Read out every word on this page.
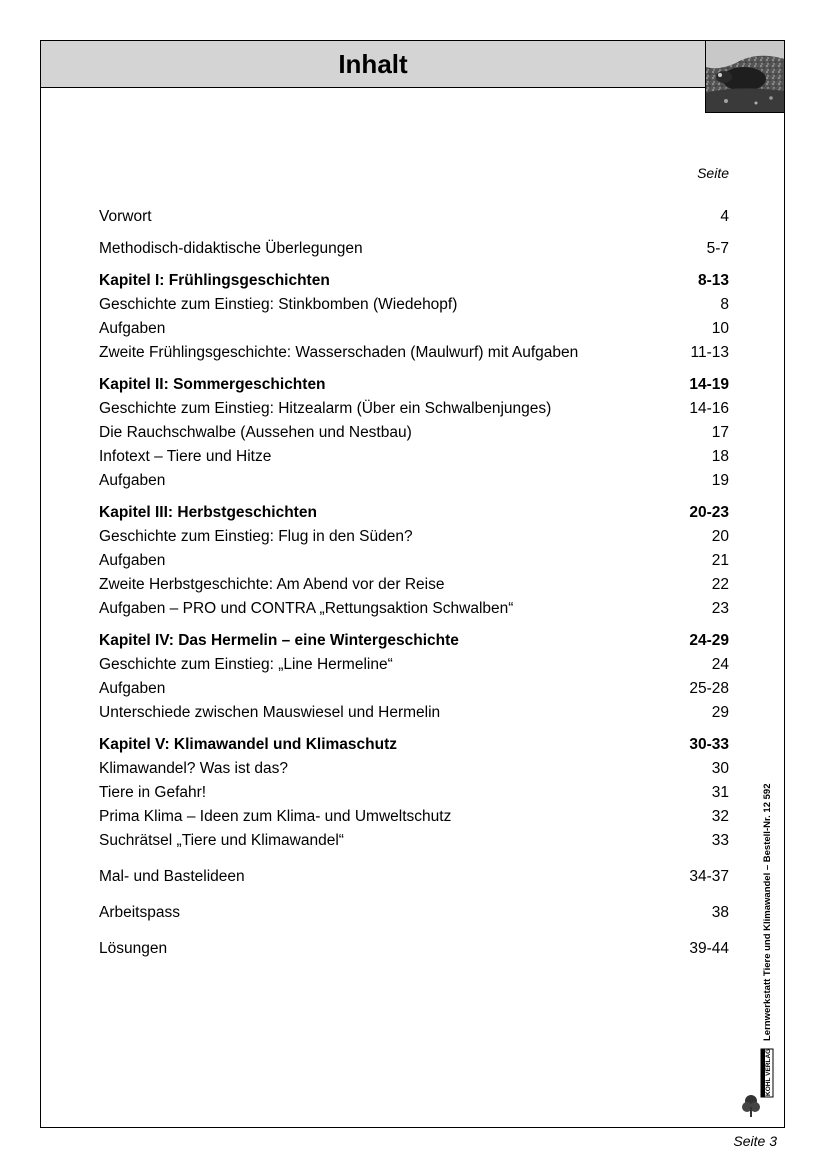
Inhalt
Seite
Vorwort	4
Methodisch-didaktische Überlegungen	5-7
Kapitel I: Frühlingsgeschichten	8-13
Geschichte zum Einstieg: Stinkbomben (Wiedehopf)	8
Aufgaben	10
Zweite Frühlingsgeschichte: Wasserschaden (Maulwurf) mit Aufgaben	11-13
Kapitel II: Sommergeschichten	14-19
Geschichte zum Einstieg: Hitzealarm (Über ein Schwalbenjunges)	14-16
Die Rauchschwalbe (Aussehen und Nestbau)	17
Infotext – Tiere und Hitze	18
Aufgaben	19
Kapitel III: Herbstgeschichten	20-23
Geschichte zum Einstieg: Flug in den Süden?	20
Aufgaben	21
Zweite Herbstgeschichte: Am Abend vor der Reise	22
Aufgaben – PRO und CONTRA „Rettungsaktion Schwalben“	23
Kapitel IV: Das Hermelin – eine Wintergeschichte	24-29
Geschichte zum Einstieg: „Line Hermeline“	24
Aufgaben	25-28
Unterschiede zwischen Mauswiesel und Hermelin	29
Kapitel V: Klimawandel und Klimaschutz	30-33
Klimawandel? Was ist das?	30
Tiere in Gefahr!	31
Prima Klima – Ideen zum Klima- und Umweltschutz	32
Suchrätsel „Tiere und Klimawandel“	33
Mal- und Bastelideen	34-37
Arbeitspass	38
Lösungen	39-44	Lernwerkstatt Tiere und Klimawandel – Bestell-Nr. 12 592
KOHL VERLAG
Seite 3
